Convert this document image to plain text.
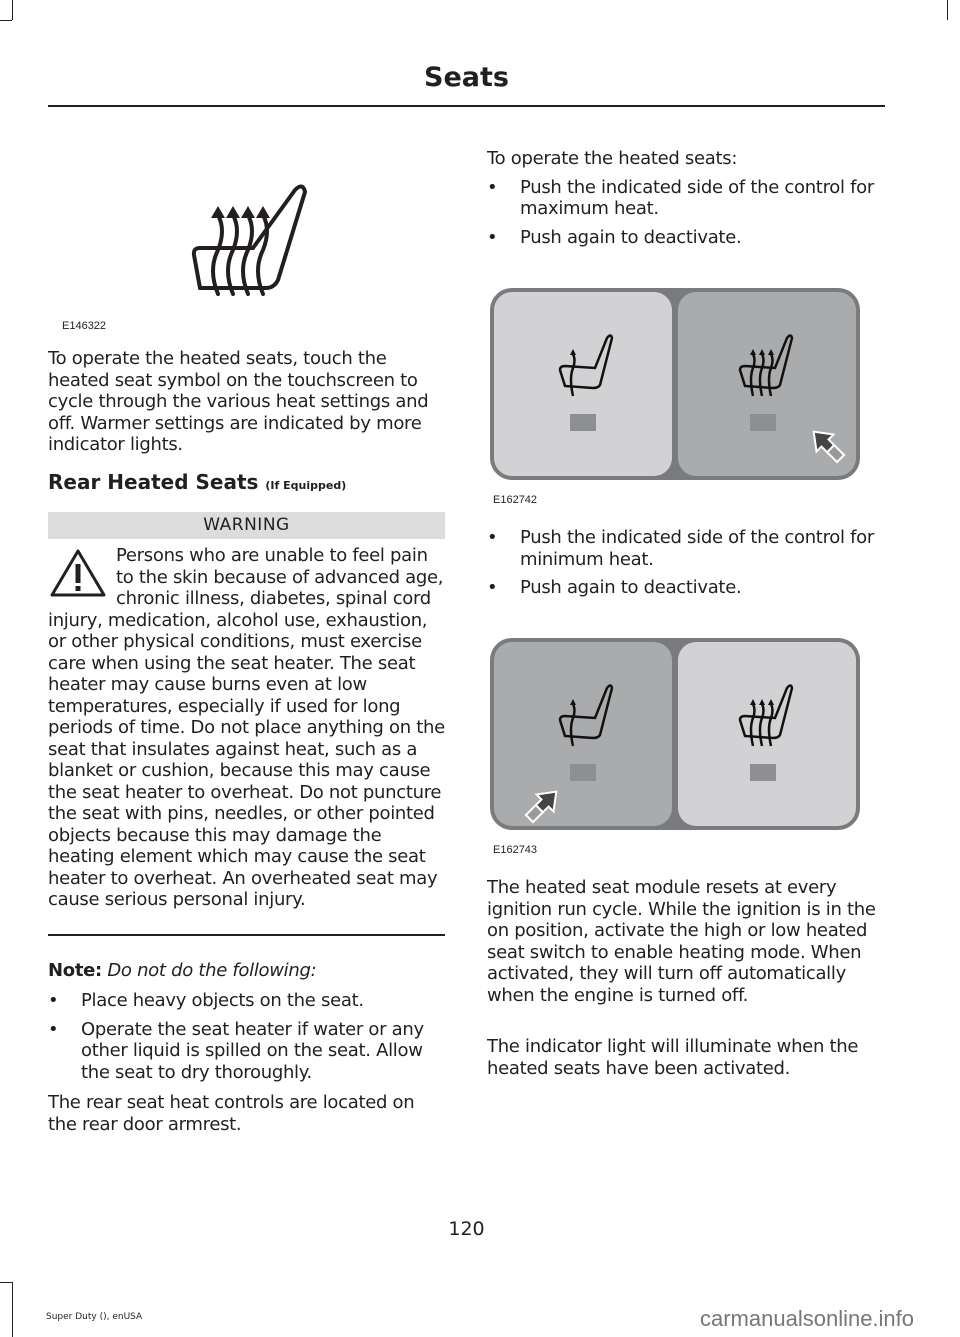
Seats
E146322
To operate the heated seats, touch the heated seat symbol on the touchscreen to cycle through the various heat settings and off. Warmer settings are indicated by more indicator lights.
Rear Heated Seats (If Equipped)
WARNING
Persons who are unable to feel pain to the skin because of advanced age, chronic illness, diabetes, spinal cord injury, medication, alcohol use, exhaustion, or other physical conditions, must exercise care when using the seat heater. The seat heater may cause burns even at low temperatures, especially if used for long periods of time. Do not place anything on the seat that insulates against heat, such as a blanket or cushion, because this may cause the seat heater to overheat. Do not puncture the seat with pins, needles, or other pointed objects because this may damage the heating element which may cause the seat heater to overheat. An overheated seat may cause serious personal injury.
Note: Do not do the following:
• Place heavy objects on the seat.
• Operate the seat heater if water or any other liquid is spilled on the seat. Allow the seat to dry thoroughly.
The rear seat heat controls are located on the rear door armrest.
To operate the heated seats:
• Push the indicated side of the control for maximum heat.
• Push again to deactivate.
E162742
• Push the indicated side of the control for minimum heat.
• Push again to deactivate.
E162743
The heated seat module resets at every ignition run cycle. While the ignition is in the on position, activate the high or low heated seat switch to enable heating mode. When activated, they will turn off automatically when the engine is turned off.
The indicator light will illuminate when the heated seats have been activated.
120
Super Duty (), enUSA	carmanualsonline.info
